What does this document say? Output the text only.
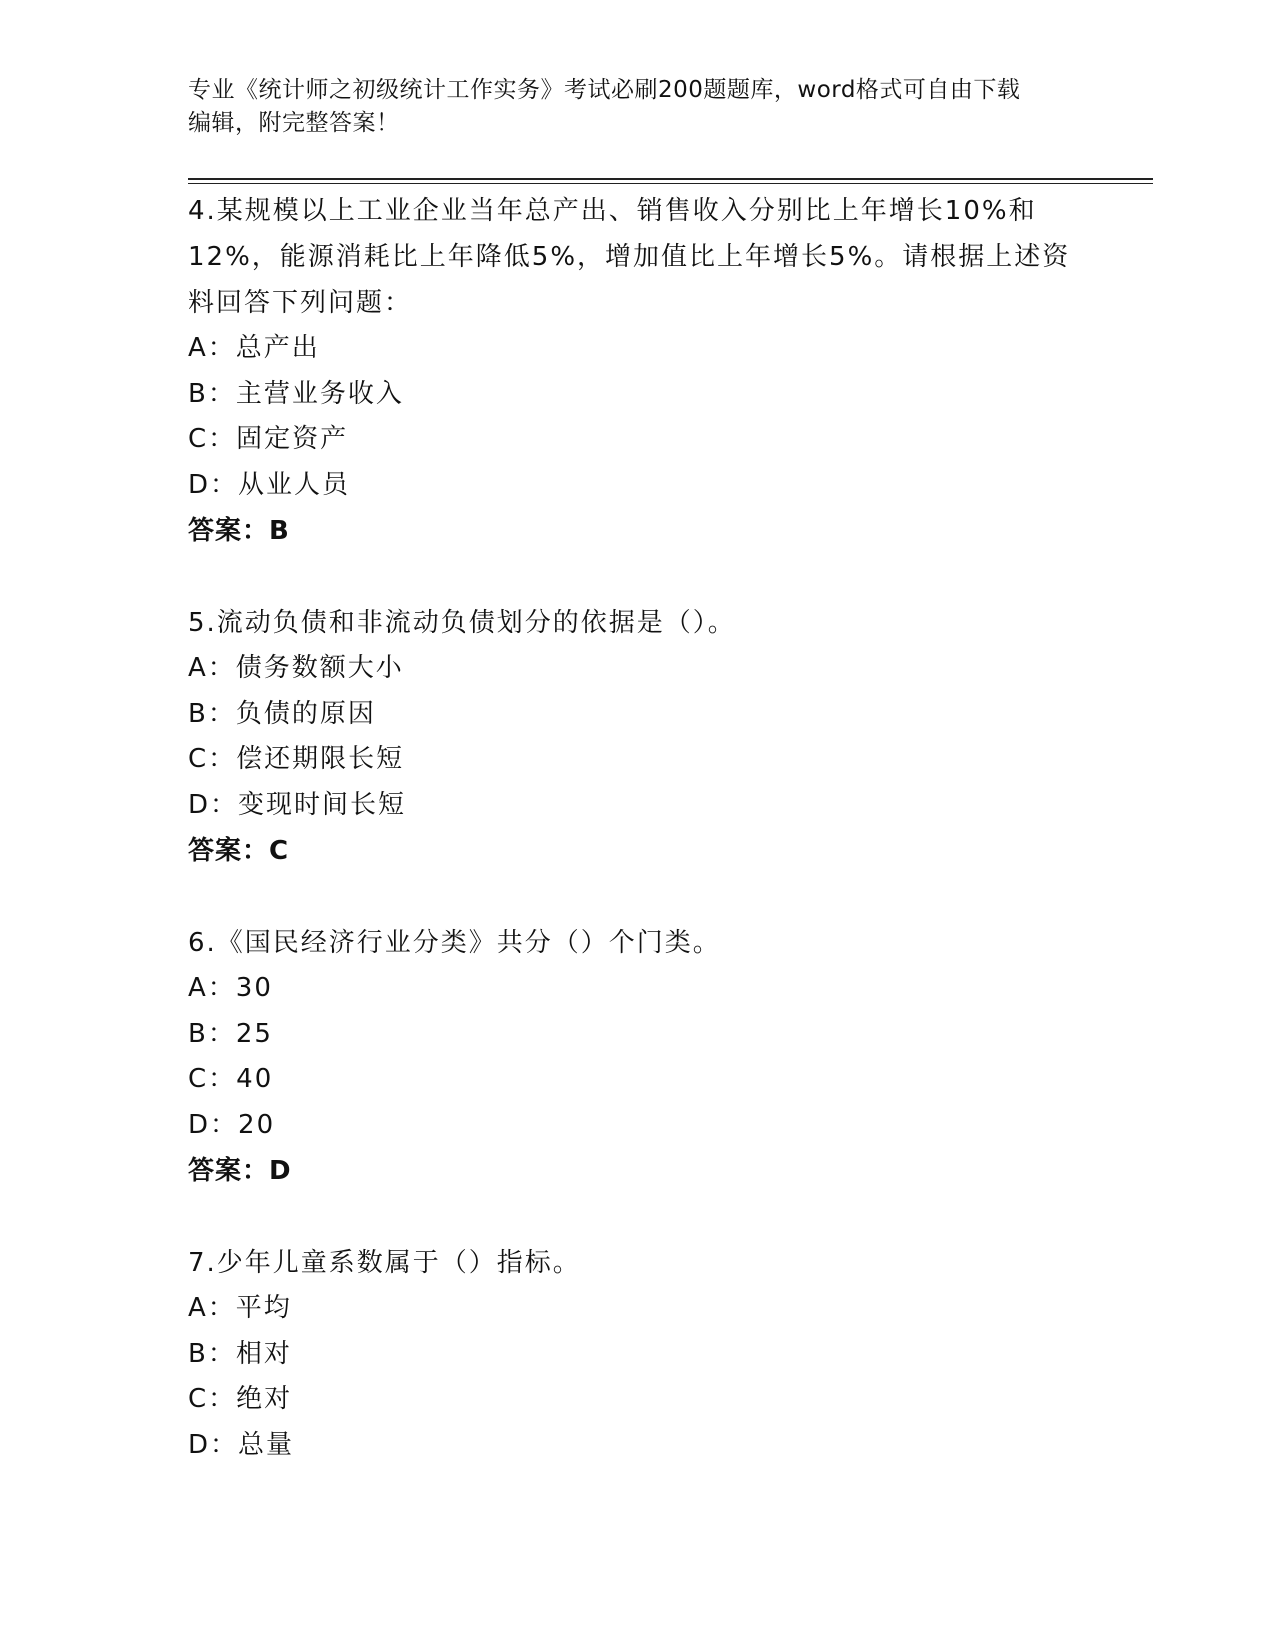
专业《统计师之初级统计工作实务》考试必刷200题题库，word格式可自由下载
编辑，附完整答案！

4.某规模以上工业企业当年总产出、销售收入分别比上年增长10%和

12%，能源消耗比上年降低5%，增加值比上年增长5%。请根据上述资

料回答下列问题：

A：总产出

B：主营业务收入

C：固定资产

D：从业人员

答案：B

5.流动负债和非流动负债划分的依据是（）。

A：债务数额大小

B：负债的原因

C：偿还期限长短

D：变现时间长短

答案：C

6.《国民经济行业分类》共分（）个门类。

A：30

B：25

C：40

D：20

答案：D

7.少年儿童系数属于（）指标。

A：平均

B：相对

C：绝对

D：总量
